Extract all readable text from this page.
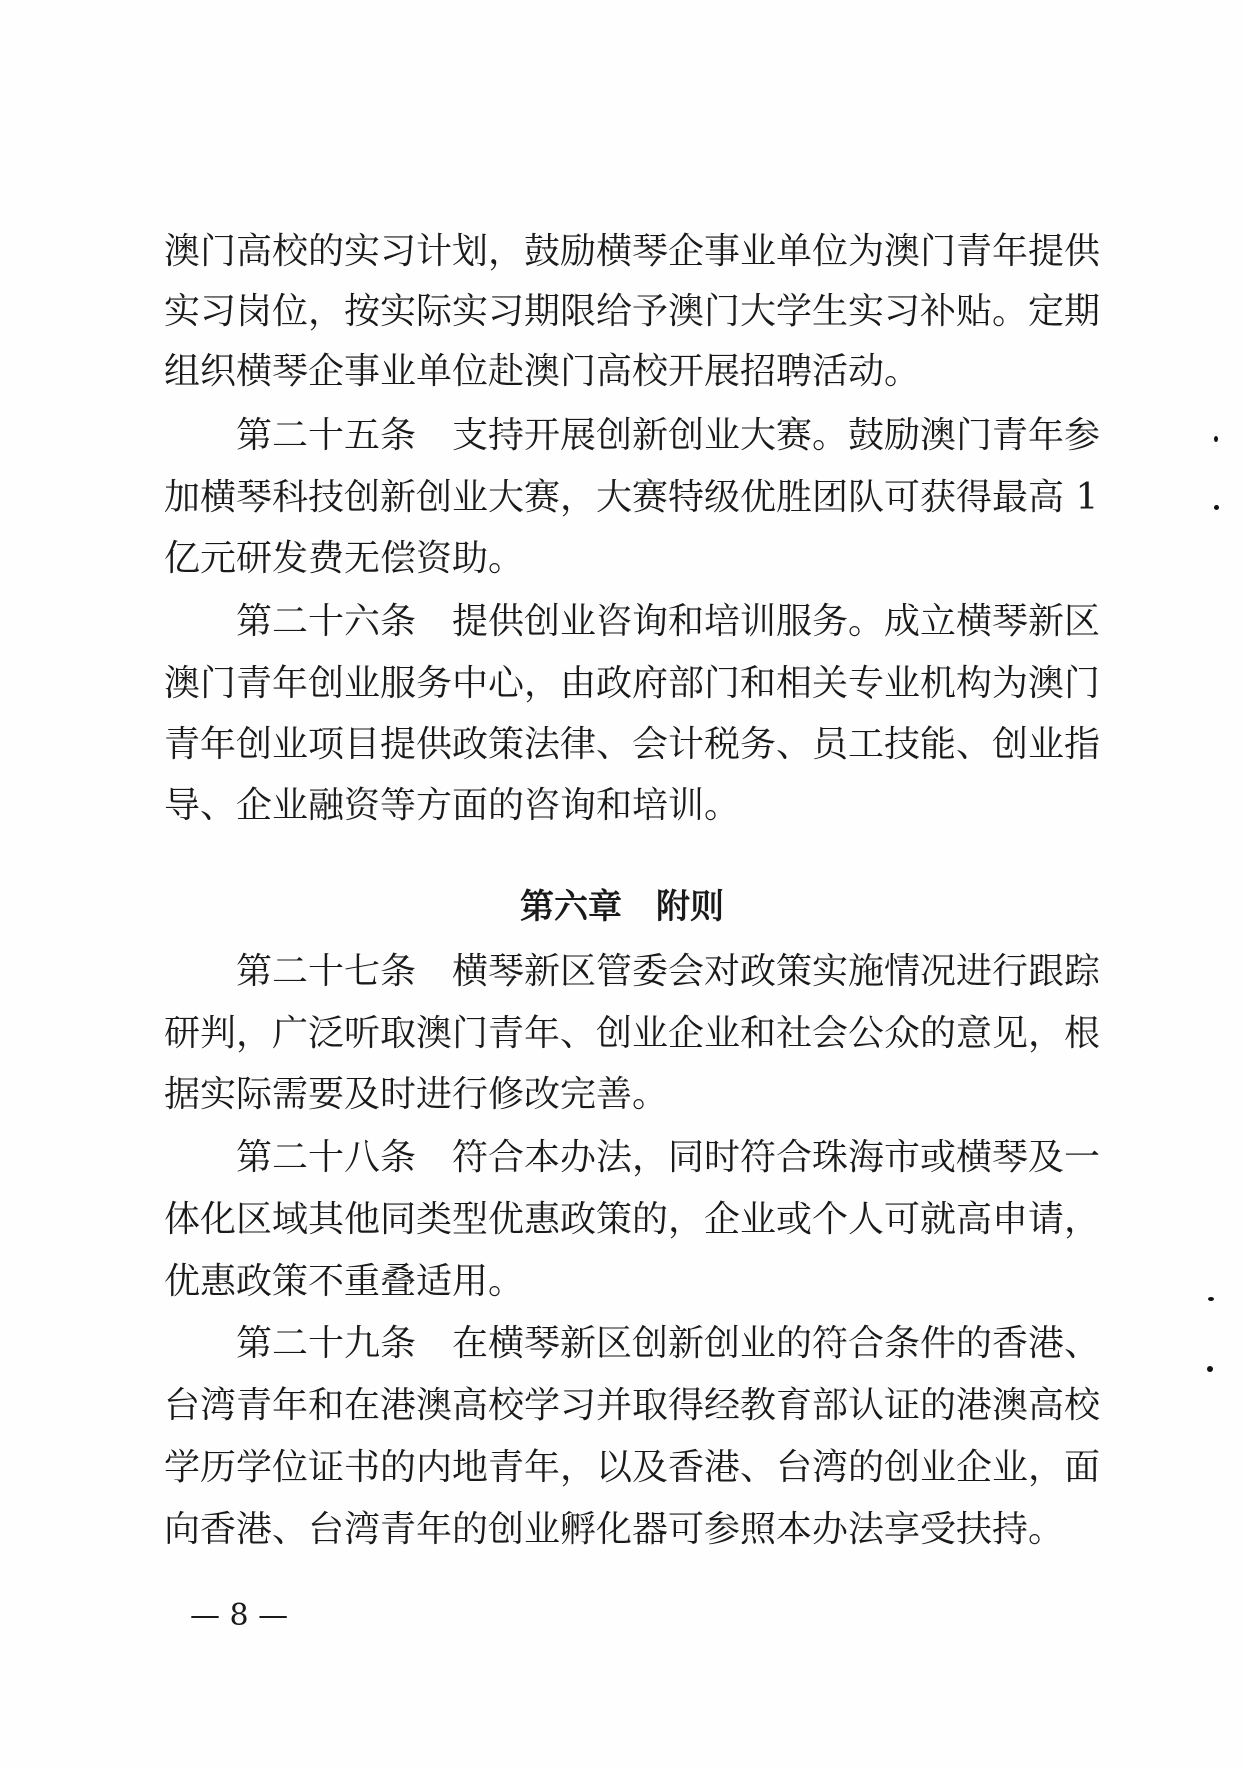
澳门高校的实习计划，鼓励横琴企事业单位为澳门青年提供
实习岗位，按实际实习期限给予澳门大学生实习补贴。定期
组织横琴企事业单位赴澳门高校开展招聘活动。
　　第二十五条　支持开展创新创业大赛。鼓励澳门青年参
加横琴科技创新创业大赛，大赛特级优胜团队可获得最高 1
亿元研发费无偿资助。
　　第二十六条　提供创业咨询和培训服务。成立横琴新区
澳门青年创业服务中心，由政府部门和相关专业机构为澳门
青年创业项目提供政策法律、会计税务、员工技能、创业指
导、企业融资等方面的咨询和培训。
第六章　附则
　　第二十七条　横琴新区管委会对政策实施情况进行跟踪
研判，广泛听取澳门青年、创业企业和社会公众的意见，根
据实际需要及时进行修改完善。
　　第二十八条　符合本办法，同时符合珠海市或横琴及一
体化区域其他同类型优惠政策的，企业或个人可就高申请，
优惠政策不重叠适用。
　　第二十九条　在横琴新区创新创业的符合条件的香港、
台湾青年和在港澳高校学习并取得经教育部认证的港澳高校
学历学位证书的内地青年，以及香港、台湾的创业企业，面
向香港、台湾青年的创业孵化器可参照本办法享受扶持。
— 8 —
